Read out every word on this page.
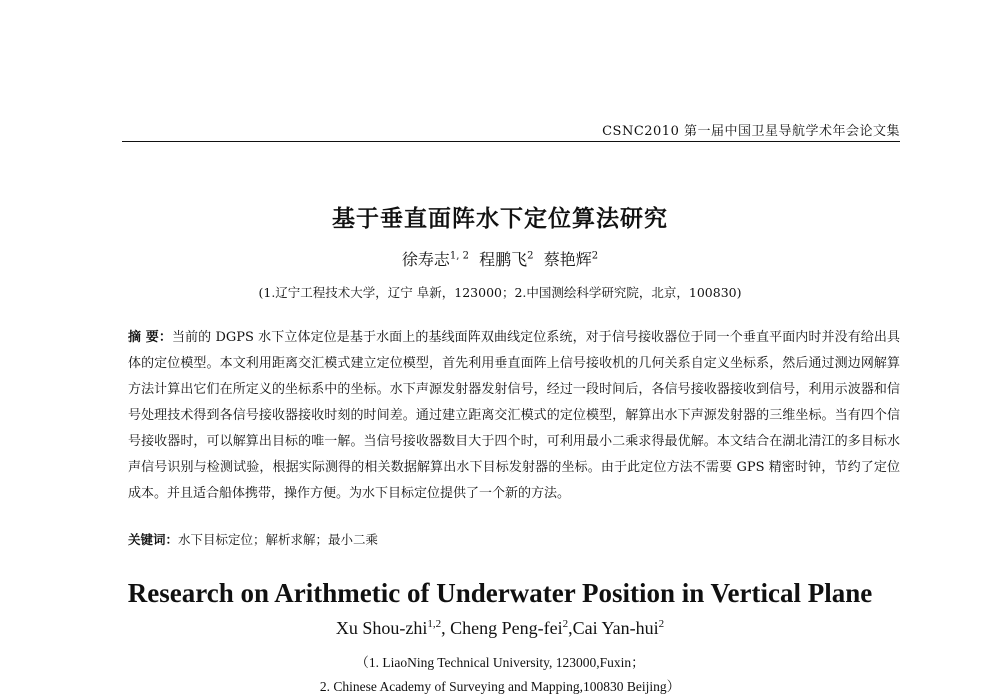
CSNC2010 第一届中国卫星导航学术年会论文集
基于垂直面阵水下定位算法研究
徐寿志$^{1, 2}$ 程鹏飞$^2$ 蔡艳辉$^2$
(1.辽宁工程技术大学，辽宁 阜新，123000；2.中国测绘科学研究院，北京，100830)
摘 要：当前的 DGPS 水下立体定位是基于水面上的基线面阵双曲线定位系统，对于信号接收器位于同一个垂直平面内时并没有给出具体的定位模型。本文利用距离交汇模式建立定位模型，首先利用垂直面阵上信号接收机的几何关系自定义坐标系，然后通过测边网解算方法计算出它们在所定义的坐标系中的坐标。水下声源发射器发射信号，经过一段时间后，各信号接收器接收到信号，利用示波器和信号处理技术得到各信号接收器接收时刻的时间差。通过建立距离交汇模式的定位模型，解算出水下声源发射器的三维坐标。当有四个信号接收器时，可以解算出目标的唯一解。当信号接收器数目大于四个时，可利用最小二乘求得最优解。本文结合在湖北清江的多目标水声信号识别与检测试验，根据实际测得的相关数据解算出水下目标发射器的坐标。由于此定位方法不需要 GPS 精密时钟，节约了定位成本。并且适合船体携带，操作方便。为水下目标定位提供了一个新的方法。
关键词：水下目标定位；解析求解；最小二乘
Research on Arithmetic of Underwater Position in Vertical Plane
Xu Shou-zhi$^{1,2}$, Cheng Peng-fei$^2$,Cai Yan-hui$^2$
（1. LiaoNing Technical University, 123000,Fuxin；
2. Chinese Academy of Surveying and Mapping,100830 Beijing）
